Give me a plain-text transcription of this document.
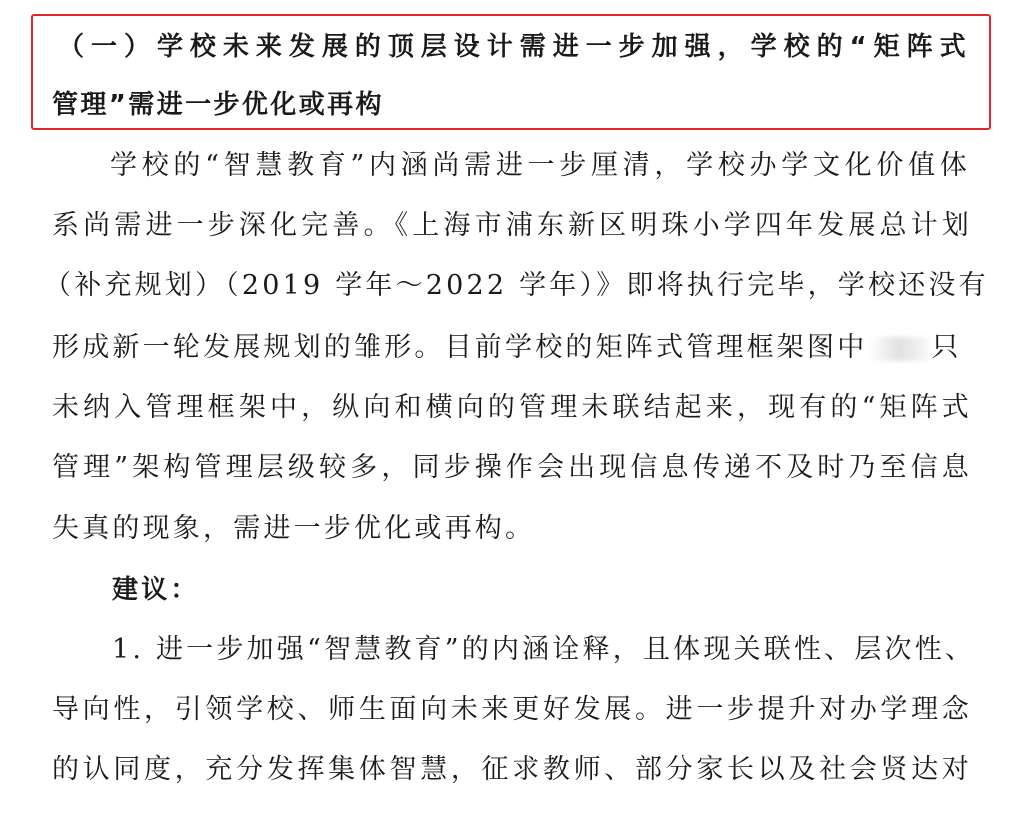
（一）学校未来发展的顶层设计需进一步加强，学校的“矩阵式
管理”需进一步优化或再构
学校的“智慧教育”内涵尚需进一步厘清，学校办学文化价值体
系尚需进一步深化完善。《上海市浦东新区明珠小学四年发展总计划
（补充规划）（2019 学年～2022 学年）》即将执行完毕，学校还没有
形成新一轮发展规划的雏形。目前学校的矩阵式管理框架图中 只
未纳入管理框架中，纵向和横向的管理未联结起来，现有的“矩阵式
管理”架构管理层级较多，同步操作会出现信息传递不及时乃至信息
失真的现象，需进一步优化或再构。
建议：
1. 进一步加强“智慧教育”的内涵诠释，且体现关联性、层次性、
导向性，引领学校、师生面向未来更好发展。进一步提升对办学理念
的认同度，充分发挥集体智慧，征求教师、部分家长以及社会贤达对
